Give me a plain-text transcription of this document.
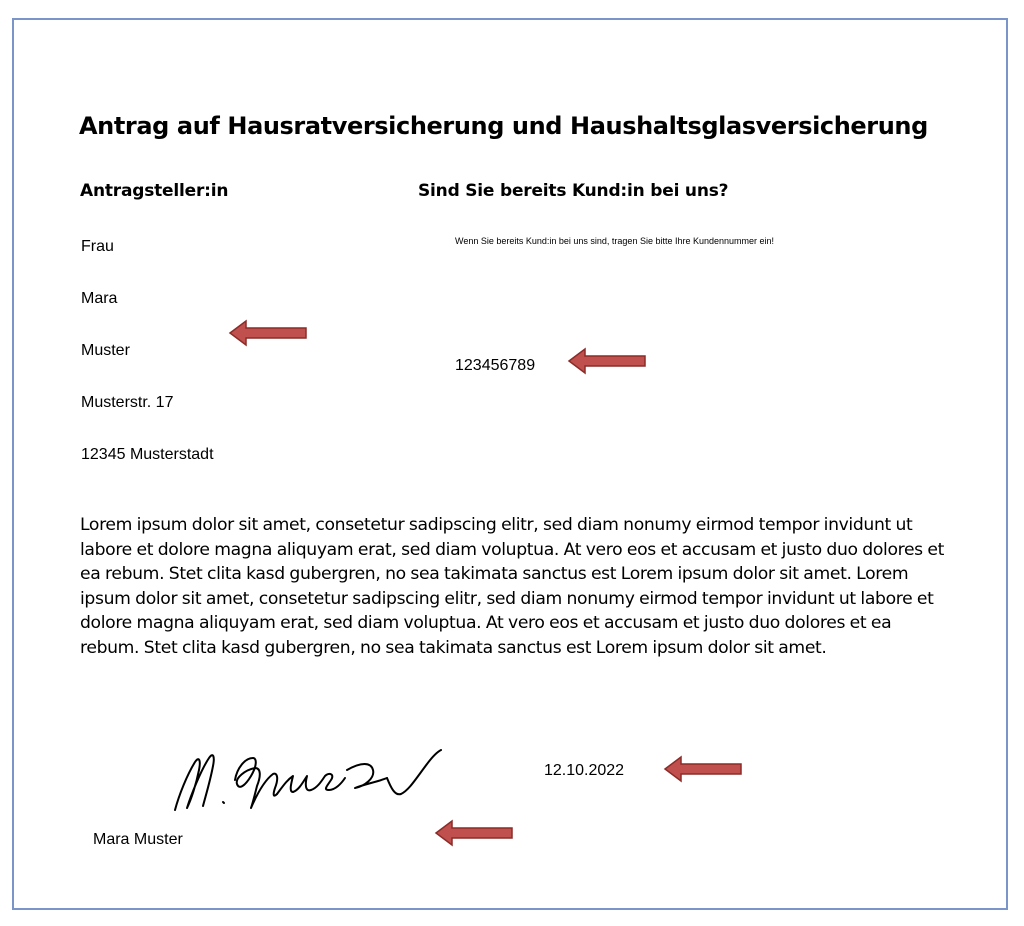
Antrag auf Hausratversicherung und Haushaltsglasversicherung
Antragsteller:in	Sind Sie bereits Kund:in bei uns?
Frau
Mara
Muster
Musterstr. 17
12345 Musterstadt
Wenn Sie bereits Kund:in bei uns sind, tragen Sie bitte Ihre Kundennummer ein!
123456789
Lorem ipsum dolor sit amet, consetetur sadipscing elitr, sed diam nonumy eirmod tempor invidunt ut labore et dolore magna aliquyam erat, sed diam voluptua. At vero eos et accusam et justo duo dolores et ea rebum. Stet clita kasd gubergren, no sea takimata sanctus est Lorem ipsum dolor sit amet. Lorem ipsum dolor sit amet, consetetur sadipscing elitr, sed diam nonumy eirmod tempor invidunt ut labore et dolore magna aliquyam erat, sed diam voluptua. At vero eos et accusam et justo duo dolores et ea rebum. Stet clita kasd gubergren, no sea takimata sanctus est Lorem ipsum dolor sit amet.
12.10.2022
Mara Muster
